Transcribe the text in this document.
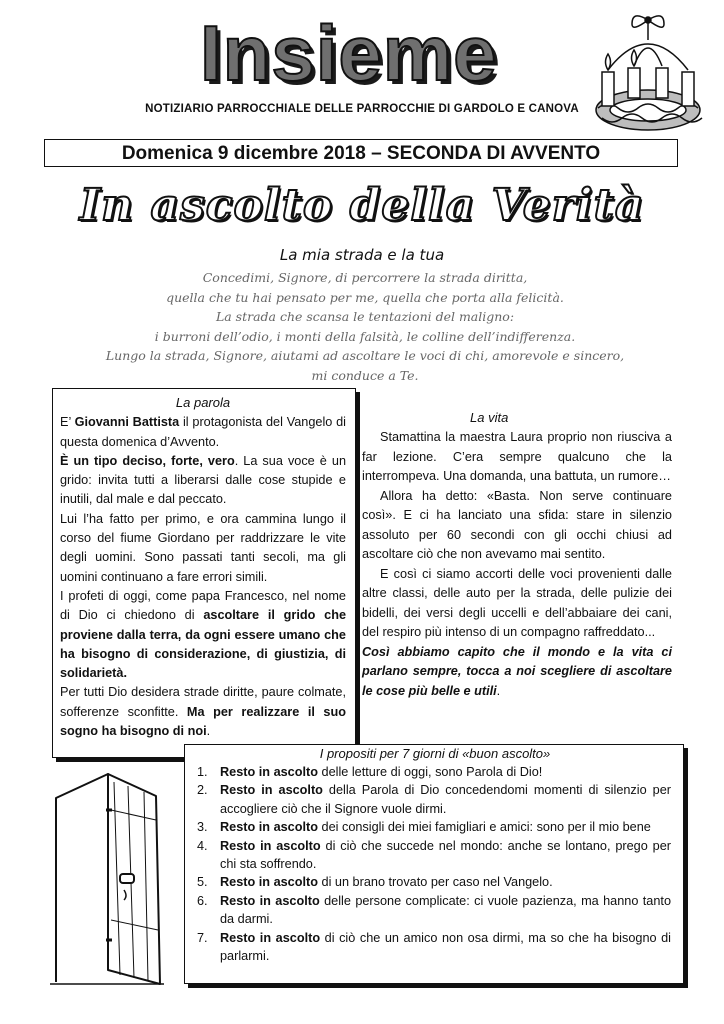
Insieme
NOTIZIARIO PARROCCHIALE DELLE PARROCCHIE DI GARDOLO E CANOVA
Domenica 9 dicembre 2018 – SECONDA DI AVVENTO
In ascolto della Verità
La mia strada e la tua
Concedimi, Signore, di percorrere la strada diritta,
quella che tu hai pensato per me, quella che porta alla felicità.
La strada che scansa le tentazioni del maligno:
i burroni dell’odio, i monti della falsità, le colline dell’indifferenza.
Lungo la strada, Signore, aiutami ad ascoltare le voci di chi, amorevole e sincero,
mi conduce a Te.
La parola
E’ Giovanni Battista il protagonista del Vangelo di questa domenica d’Avvento.
È un tipo deciso, forte, vero. La sua voce è un grido: invita tutti a liberarsi dalle cose stupide e inutili, dal male e dal peccato.
Lui l’ha fatto per primo, e ora cammina lungo il corso del fiume Giordano per raddrizzare le vite degli uomini. Sono passati tanti secoli, ma gli uomini continuano a fare errori simili.
I profeti di oggi, come papa Francesco, nel nome di Dio ci chiedono di ascoltare il grido che proviene dalla terra, da ogni essere umano che ha bisogno di considerazione, di giustizia, di solidarietà.
Per tutti Dio desidera strade diritte, paure colmate, sofferenze sconfitte. Ma per realizzare il suo sogno ha bisogno di noi.
La vita

Stamattina la maestra Laura proprio non riusciva a far lezione. C’era sempre qualcuno che la interrompeva. Una domanda, una battuta, un rumore…

Allora ha detto: «Basta. Non serve continuare così». E ci ha lanciato una sfida: stare in silenzio assoluto per 60 secondi con gli occhi chiusi ad ascoltare ciò che non avevamo mai sentito.

E così ci siamo accorti delle voci provenienti dalle altre classi, delle auto per la strada, delle pulizie dei bidelli, dei versi degli uccelli e dell’abbaiare dei cani, del respiro più intenso di un compagno raffreddato...

Così abbiamo capito che il mondo e la vita ci parlano sempre, tocca a noi scegliere di ascoltare le cose più belle e utili.

I propositi per 7 giorni di «buon ascolto»
1. Resto in ascolto delle letture di oggi, sono Parola di Dio!
2. Resto in ascolto della Parola di Dio concedendomi momenti di silenzio per accogliere ciò che il Signore vuole dirmi.
3. Resto in ascolto dei consigli dei miei famigliari e amici: sono per il mio bene
4. Resto in ascolto di ciò che succede nel mondo: anche se lontano, prego per chi sta soffrendo.
5. Resto in ascolto di un brano trovato per caso nel Vangelo.
6. Resto in ascolto delle persone complicate: ci vuole pazienza, ma hanno tanto da darmi.
7. Resto in ascolto di ciò che un amico non osa dirmi, ma so che ha bisogno di parlarmi.
